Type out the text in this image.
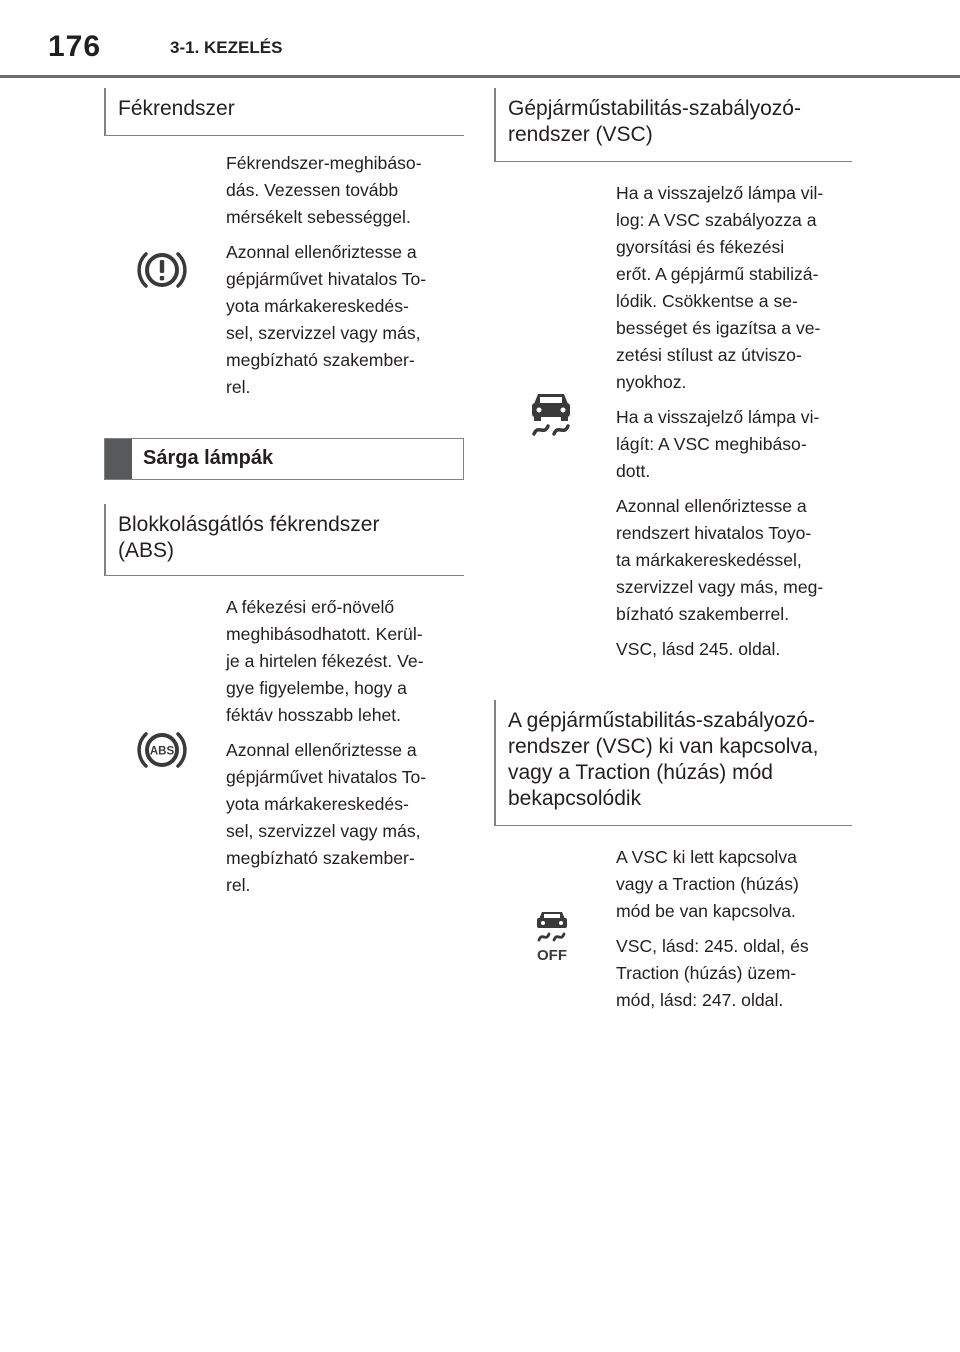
176	3-1. KEZELÉS
Fékrendszer

Fékrendszer-meghibáso-
dás. Vezessen tovább
mérsékelt sebességgel.

Azonnal ellenőriztesse a
gépjárművet hivatalos To-
yota márkakereskedés-
sel, szervizzel vagy más,
megbízható szakember-
rel.

Sárga lámpák
Blokkolásgátlós fékrendszer
(ABS)
ABS

A fékezési erő-növelő
meghibásodhatott. Kerül-
je a hirtelen fékezést. Ve-
gye figyelembe, hogy a
féktáv hosszabb lehet.

Azonnal ellenőriztesse a
gépjárművet hivatalos To-
yota márkakereskedés-
sel, szervizzel vagy más,
megbízható szakember-
rel.

Gépjárműstabilitás-szabályozó-
rendszer (VSC)

Ha a visszajelző lámpa vil-
log: A VSC szabályozza a
gyorsítási és fékezési
erőt. A gépjármű stabilizá-
lódik. Csökkentse a se-
bességet és igazítsa a ve-
zetési stílust az útviszo-
nyokhoz.

Ha a visszajelző lámpa vi-
lágít: A VSC meghibáso-
dott.

Azonnal ellenőriztesse a
rendszert hivatalos Toyo-
ta márkakereskedéssel,
szervizzel vagy más, meg-
bízható szakemberrel.

VSC, lásd 245. oldal.

A gépjárműstabilitás-szabályozó-
rendszer (VSC) ki van kapcsolva,
vagy a Traction (húzás) mód
bekapcsolódik
OFF

A VSC ki lett kapcsolva
vagy a Traction (húzás)
mód be van kapcsolva.

VSC, lásd: 245. oldal, és
Traction (húzás) üzem-
mód, lásd: 247. oldal.
